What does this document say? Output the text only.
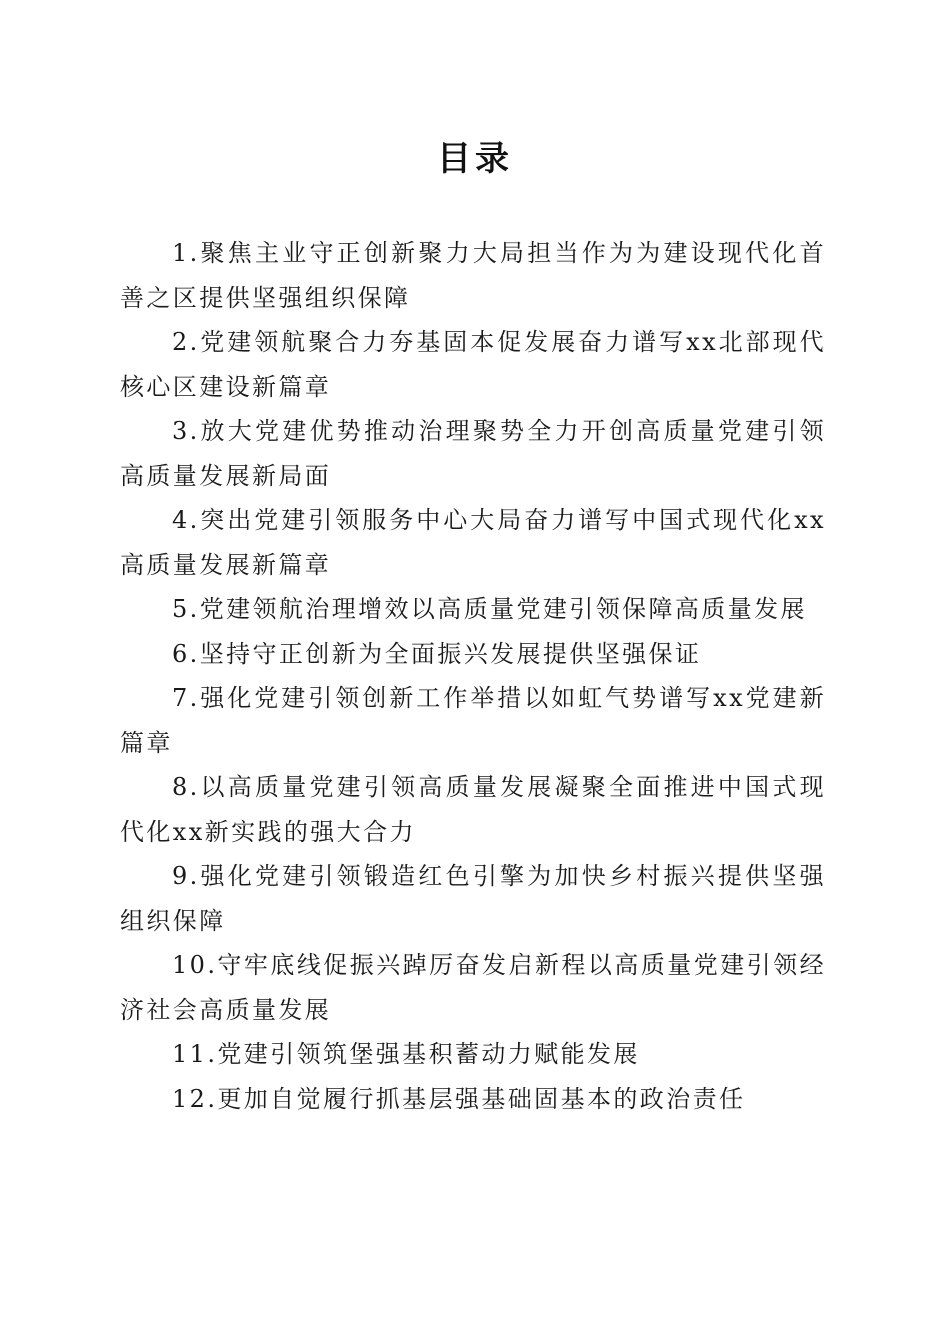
目录
1.聚焦主业守正创新聚力大局担当作为为建设现代化首善之区提供坚强组织保障
2.党建领航聚合力夯基固本促发展奋力谱写xx北部现代核心区建设新篇章
3.放大党建优势推动治理聚势全力开创高质量党建引领高质量发展新局面
4.突出党建引领服务中心大局奋力谱写中国式现代化xx高质量发展新篇章
5.党建领航治理增效以高质量党建引领保障高质量发展
6.坚持守正创新为全面振兴发展提供坚强保证
7.强化党建引领创新工作举措以如虹气势谱写xx党建新篇章
8.以高质量党建引领高质量发展凝聚全面推进中国式现代化xx新实践的强大合力
9.强化党建引领锻造红色引擎为加快乡村振兴提供坚强组织保障
10.守牢底线促振兴踔厉奋发启新程以高质量党建引领经济社会高质量发展
11.党建引领筑堡强基积蓄动力赋能发展
12.更加自觉履行抓基层强基础固基本的政治责任
